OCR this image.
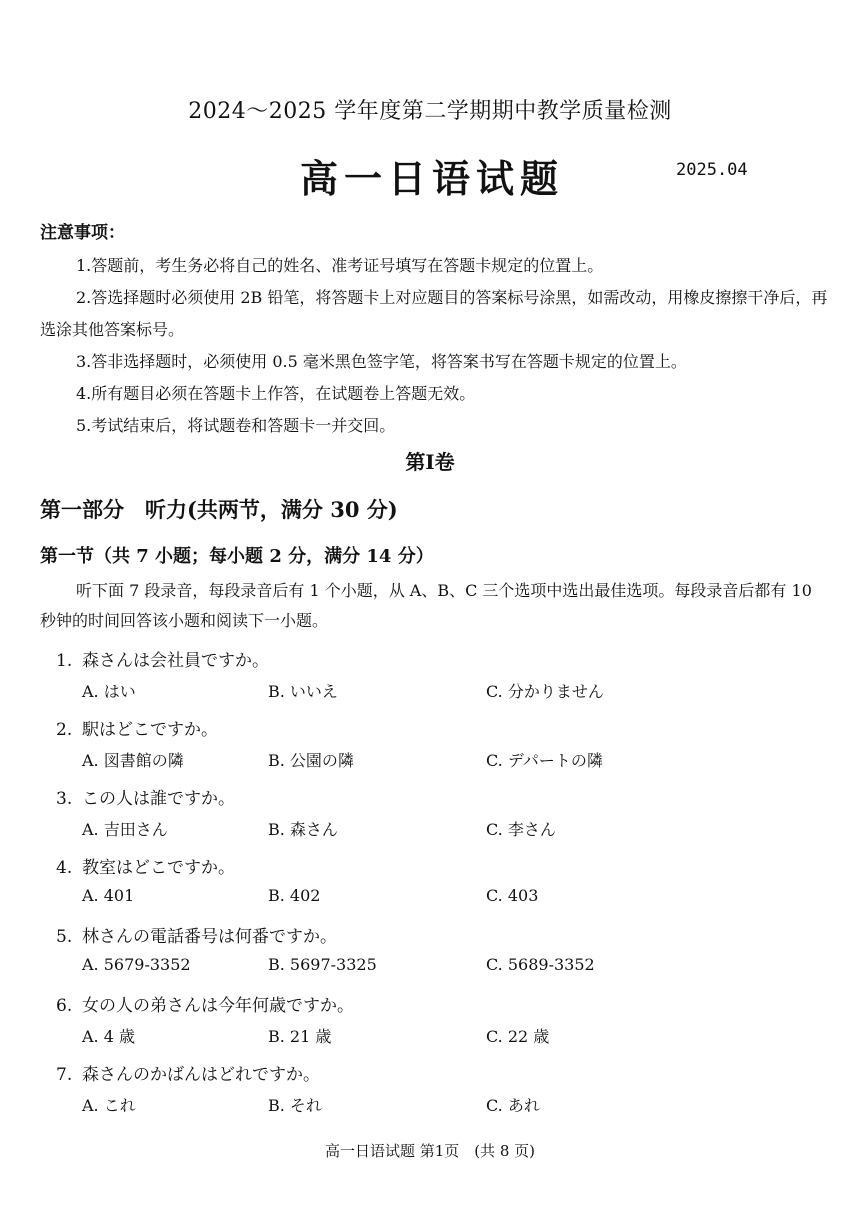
2024～2025 学年度第二学期期中教学质量检测
高一日语试题	2025.04
注意事项：

1.答题前，考生务必将自己的姓名、准考证号填写在答题卡规定的位置上。

2.答选择题时必须使用 2B 铅笔，将答题卡上对应题目的答案标号涂黑，如需改动，用橡皮擦擦干净后，再选涂其他答案标号。

3.答非选择题时，必须使用 0.5 毫米黑色签字笔，将答案书写在答题卡规定的位置上。

4.所有题目必须在答题卡上作答，在试题卷上答题无效。

5.考试结束后，将试题卷和答题卡一并交回。

第Ⅰ卷
第一部分　听力(共两节，满分 30 分)
第一节（共 7 小题；每小题 2 分，满分 14 分）

听下面 7 段录音，每段录音后有 1 个小题，从 A、B、C 三个选项中选出最佳选项。每段录音后都有 10 秒钟的时间回答该小题和阅读下一小题。

1. 森さんは会社員ですか。
A. はい	B. いいえ	C. 分かりません
2. 駅はどこですか。
A. 図書館の隣	B. 公園の隣	C. デパートの隣
3. この人は誰ですか。
A. 吉田さん	B. 森さん	C. 李さん
4. 教室はどこですか。
A. 401	B. 402	C. 403
5. 林さんの電話番号は何番ですか。
A. 5679-3352	B. 5697-3325	C. 5689-3352
6. 女の人の弟さんは今年何歳ですか。
A. 4 歳	B. 21 歳	C. 22 歳
7. 森さんのかばんはどれですか。
A. これ	B. それ	C. あれ
高一日语试题 第1页　(共 8 页)
